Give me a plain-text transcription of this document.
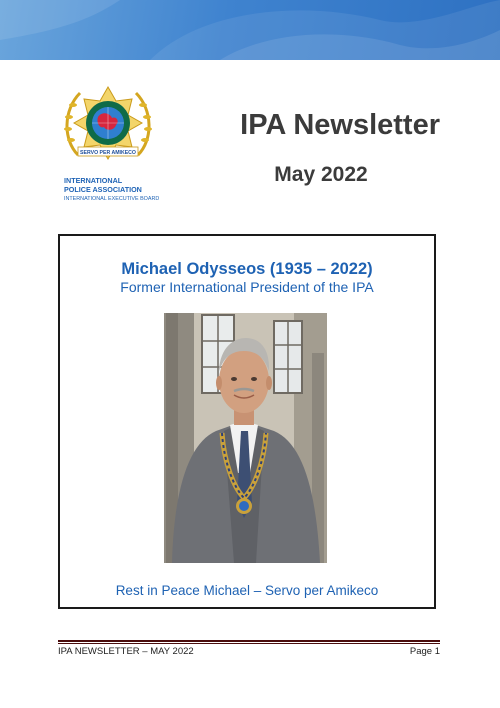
SERVO PER AMIKECO
INTERNATIONAL
POLICE ASSOCIATION
INTERNATIONAL EXECUTIVE BOARD
IPA Newsletter
May 2022
Michael Odysseos (1935 – 2022)
Former International President of the IPA
Rest in Peace Michael – Servo per Amikeco
IPA NEWSLETTER – MAY 2022	Page 1
